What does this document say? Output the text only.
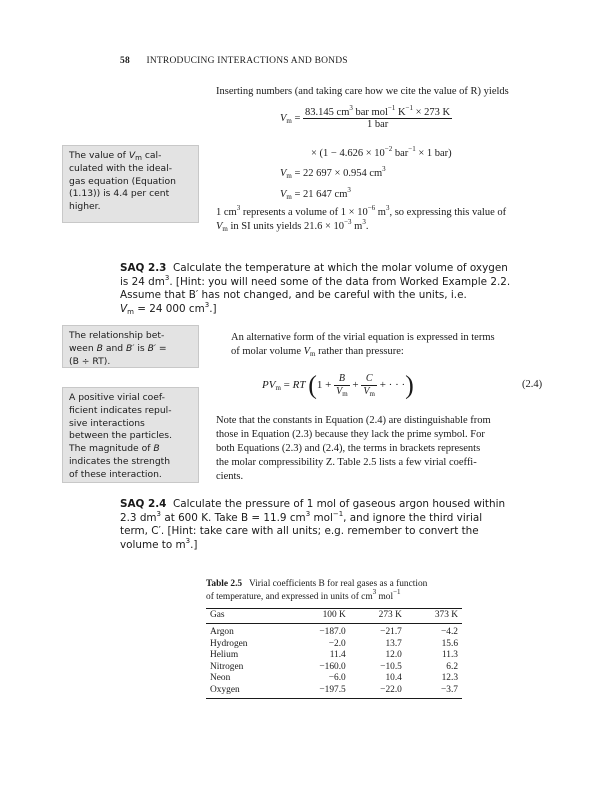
58 INTRODUCING INTERACTIONS AND BONDS
Inserting numbers (and taking care how we cite the value of R) yields
$V_m = \frac{83.145 cm^3 bar mol^{-1} K^{-1} \times 273 K}{\text{1 bar}}$
× ($1 - 4.626 \times 10^{-2}$ bar$^{-1}$ × 1 bar)
$V_m = 22$ 697 × 0.954 $cm^3$
$V_m = 21$ 647 $cm^3$
1 $cm^3$ represents a volume of $1 \times 10^{-6}$ $m^3$, so expressing this value of
$V_m$ in SI units yields $21.6 \times 10^{-3}$ $m^3$.
The value of $V_m$ cal-
culated with the ideal-
gas equation (Equation
(1.13)) is 4.4 per cent
higher.
SAQ 2.3 Calculate the temperature at which the molar volume of oxygen
is 24 $dm^3$. [Hint: you will need some of the data from Worked Example 2.2.
Assume that B′ has not changed, and be careful with the units, i.e.
$V_m = 24$ 000 $cm^3$.]
The relationship bet-
ween B and B′ is B′ =
(B ÷ RT).
An alternative form of the virial equation is expressed in terms
of molar volume $V_m$ rather than pressure:
$PV_m$ = RT ($1 + \frac{B}{V_m} + \frac{C}{V_m}$ + · · ·)	(2.4)
A positive virial coef-
ficient indicates repul-
sive interactions
between the particles.
The magnitude of B
indicates the strength
of these interaction.
Note that the constants in Equation (2.4) are distinguishable from
those in Equation (2.3) because they lack the prime symbol. For
both Equations (2.3) and (2.4), the terms in brackets represents
the molar compressibility Z. Table 2.5 lists a few virial coeffi-
cients.
SAQ 2.4 Calculate the pressure of 1 mol of gaseous argon housed within
2.3 $dm^3$ at 600 K. Take B = 11.9 $cm^3$ mol$^{-1}$, and ignore the third virial
term, C′. [Hint: take care with all units; e.g. remember to convert the
volume to $m^3$.]
Table 2.5 Virial coefficients B for real gases as a function
of temperature, and expressed in units of $cm^3$ mol$^{-1}$
Gas	100 K	273 K	373 K
Argon	−187.0	−21.7	−4.2
Hydrogen	−2.0	13.7	15.6
Helium	11.4	12.0	11.3
Nitrogen	−160.0	−10.5	6.2
Neon	−6.0	10.4	12.3
Oxygen	−197.5	−22.0	−3.7
